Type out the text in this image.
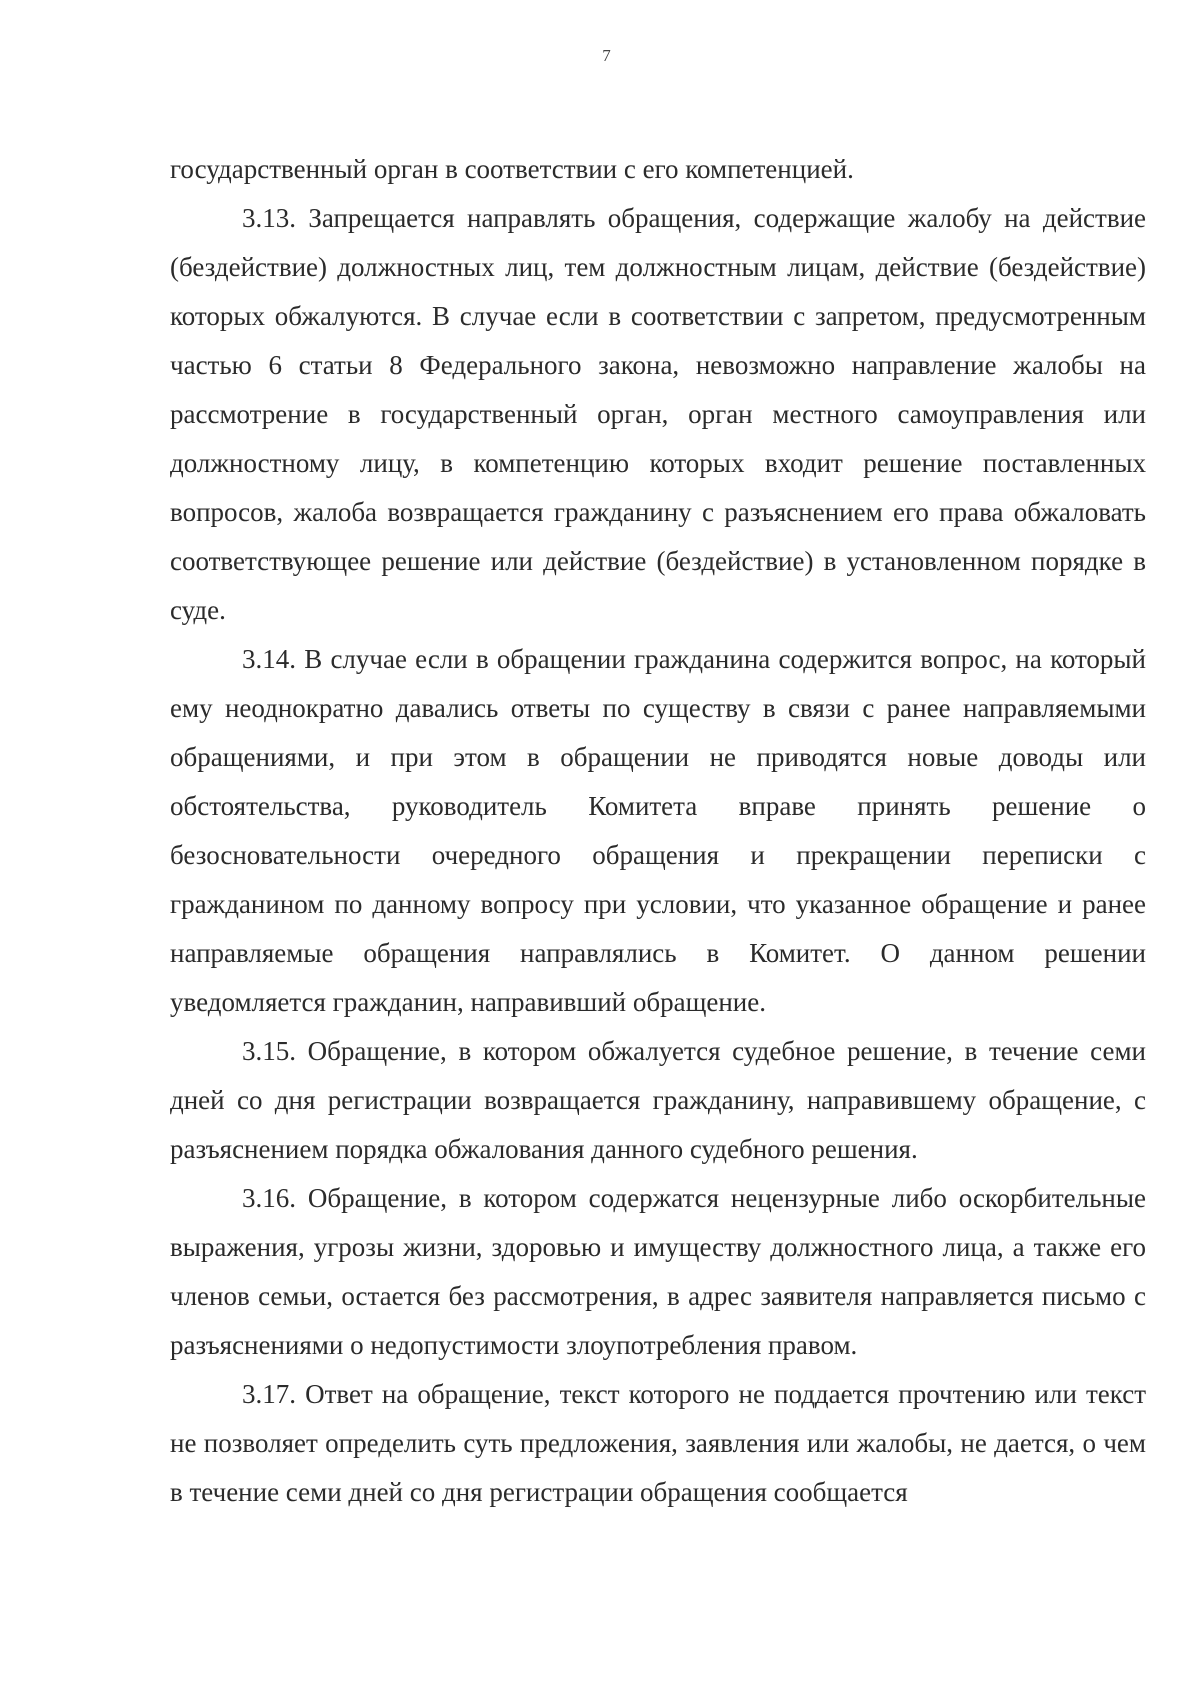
7

государственный орган в соответствии с его компетенцией.

3.13. Запрещается направлять обращения, содержащие жалобу на действие (бездействие) должностных лиц, тем должностным лицам, действие (бездействие) которых обжалуются. В случае если в соответствии с запретом, предусмотренным частью 6 статьи 8 Федерального закона, невозможно направление жалобы на рассмотрение в государственный орган, орган местного самоуправления или должностному лицу, в компетенцию которых входит решение поставленных вопросов, жалоба возвращается гражданину с разъяснением его права обжаловать соответствующее решение или действие (бездействие) в установленном порядке в суде.

3.14. В случае если в обращении гражданина содержится вопрос, на который ему неоднократно давались ответы по существу в связи с ранее направляемыми обращениями, и при этом в обращении не приводятся новые доводы или обстоятельства, руководитель Комитета вправе принять решение о безосновательности очередного обращения и прекращении переписки с гражданином по данному вопросу при условии, что указанное обращение и ранее направляемые обращения направлялись в Комитет. О данном решении уведомляется гражданин, направивший обращение.

3.15. Обращение, в котором обжалуется судебное решение, в течение семи дней со дня регистрации возвращается гражданину, направившему обращение, с разъяснением порядка обжалования данного судебного решения.

3.16. Обращение, в котором содержатся нецензурные либо оскорбительные выражения, угрозы жизни, здоровью и имуществу должностного лица, а также его членов семьи, остается без рассмотрения, в адрес заявителя направляется письмо с разъяснениями о недопустимости злоупотребления правом.

3.17. Ответ на обращение, текст которого не поддается прочтению или текст не позволяет определить суть предложения, заявления или жалобы, не дается, о чем в течение семи дней со дня регистрации обращения сообщается
